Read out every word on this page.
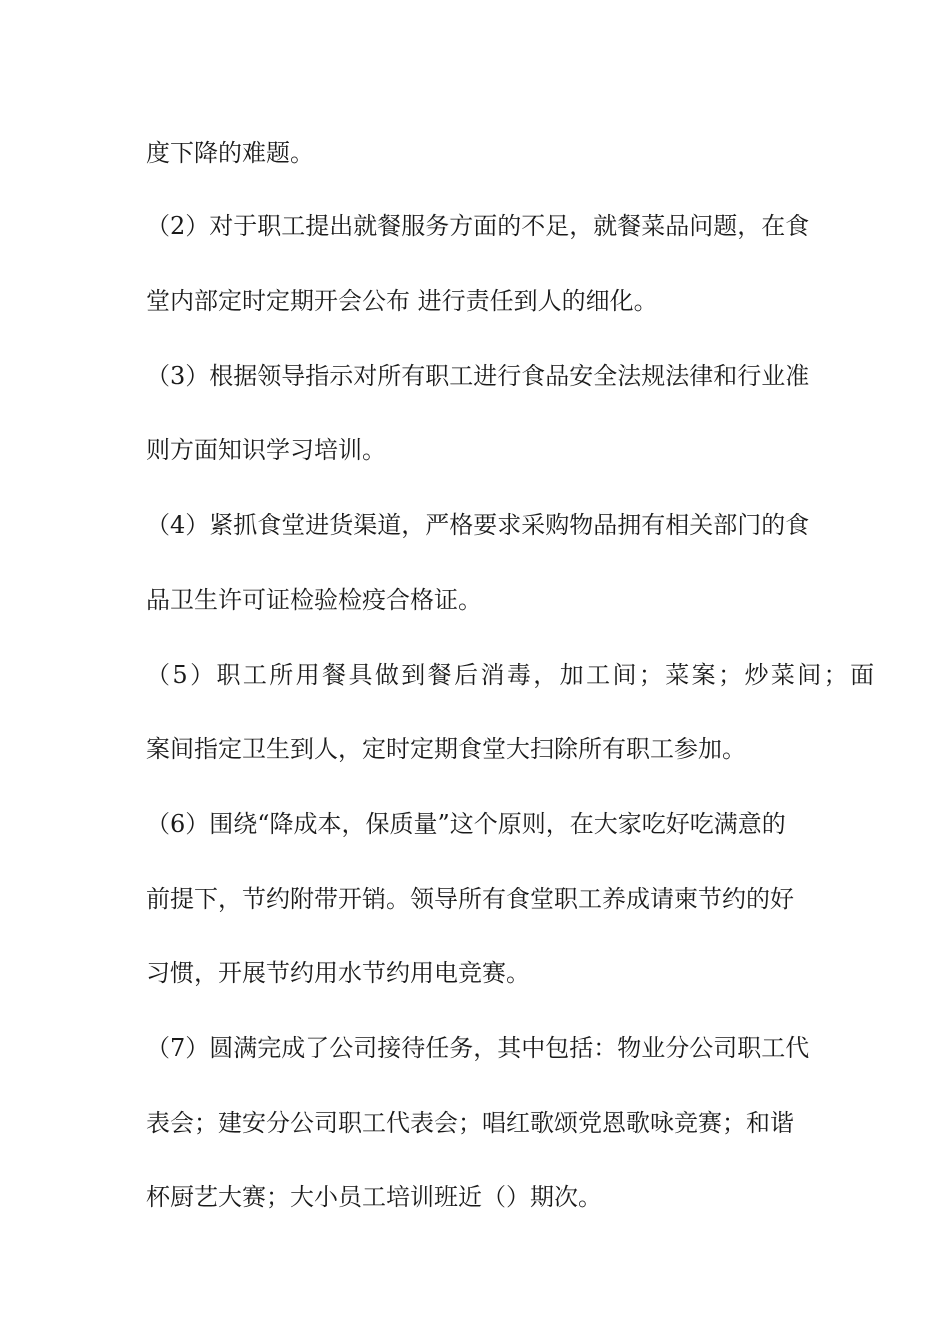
度下降的难题。

（2）对于职工提出就餐服务方面的不足，就餐菜品问题，在食

堂内部定时定期开会公布 进行责任到人的细化。

（3）根据领导指示对所有职工进行食品安全法规法律和行业准

则方面知识学习培训。

（4）紧抓食堂进货渠道，严格要求采购物品拥有相关部门的食

品卫生许可证检验检疫合格证。

（5）职工所用餐具做到餐后消毒，加工间；菜案；炒菜间；面

案间指定卫生到人，定时定期食堂大扫除所有职工参加。

（6）围绕“降成本，保质量”这个原则，在大家吃好吃满意的

前提下，节约附带开销。领导所有食堂职工养成请柬节约的好

习惯，开展节约用水节约用电竞赛。

（7）圆满完成了公司接待任务，其中包括：物业分公司职工代

表会；建安分公司职工代表会；唱红歌颂党恩歌咏竞赛；和谐

杯厨艺大赛；大小员工培训班近（）期次。
